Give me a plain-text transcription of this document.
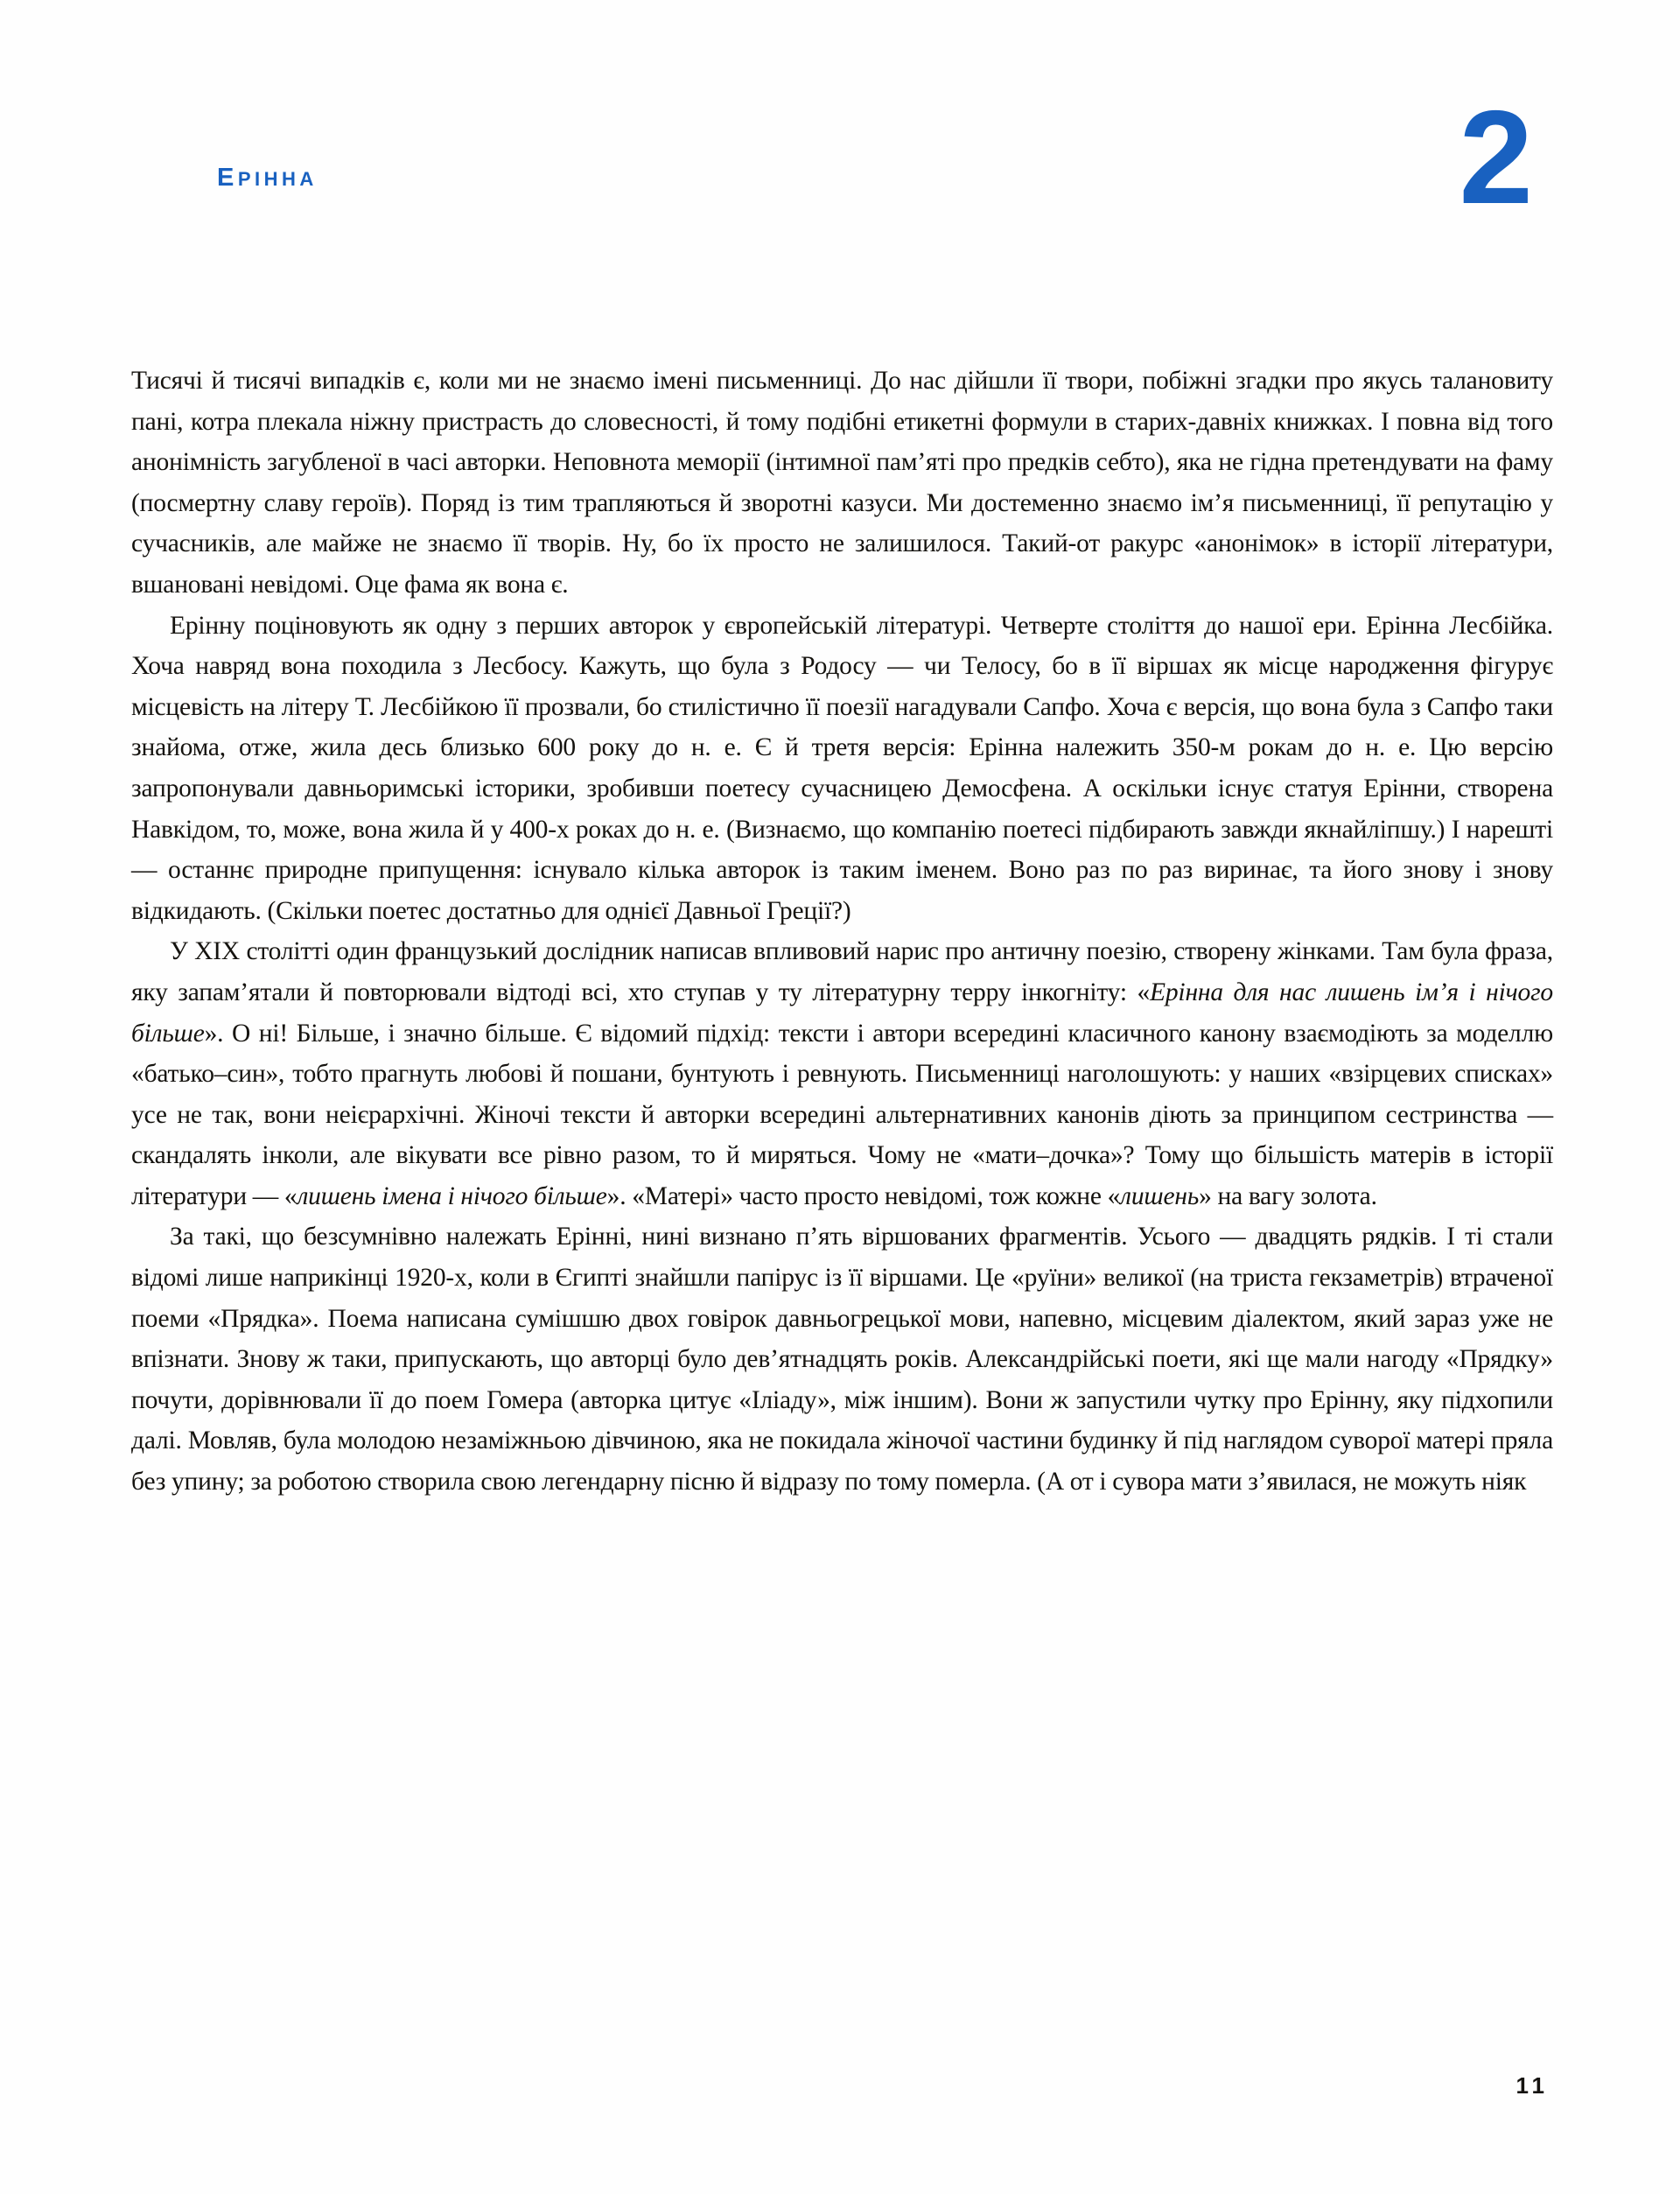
ерінна	2

Тисячі й тисячі випадків є, коли ми не знаємо імені письменниці. До нас дійшли її твори, побіжні згадки про якусь талановиту пані, котра плекала ніжну пристрасть до словесності, й тому подібні етикетні формули в старих-давніх книжках. І повна від того анонімність загубленої в часі авторки. Неповнота меморії (інтимної пам’яті про предків себто), яка не гідна претендувати на фаму (посмертну славу героїв). Поряд із тим трапляються й зворотні казуси. Ми достеменно знаємо ім’я письменниці, її репутацію у сучасників, але майже не знаємо її творів. Ну, бо їх просто не залишилося. Такий-от ракурс «анонімок» в історії літератури, вшановані невідомі. Оце фама як вона є.

Ерінну поціновують як одну з перших авторок у європейській літературі. Четверте століття до нашої ери. Ерінна Лесбійка. Хоча навряд вона походила з Лесбосу. Кажуть, що була з Родосу — чи Телосу, бо в її віршах як місце народження фігурує місцевість на літеру Т. Лесбійкою її прозвали, бо стилістично її поезії нагадували Сапфо. Хоча є версія, що вона була з Сапфо таки знайома, отже, жила десь близько 600 року до н. е. Є й третя версія: Ерінна належить 350-м рокам до н. е. Цю версію запропонували давньоримські історики, зробивши поетесу сучасницею Демосфена. А оскільки існує статуя Ерінни, створена Навкідом, то, може, вона жила й у 400-х роках до н. е. (Визнаємо, що компанію поетесі підбирають завжди якнайліпшу.) І нарешті — останнє природне припущення: існувало кілька авторок із таким іменем. Воно раз по раз виринає, та його знову і знову відкидають. (Скільки поетес достатньо для однієї Давньої Греції?)

У ХІХ столітті один французький дослідник написав впливовий нарис про античну поезію, створену жінками. Там була фраза, яку запам’ятали й повторювали відтоді всі, хто ступав у ту літературну терру інкогніту: «Ерінна для нас лишень ім’я і нічого більше». О ні! Більше, і значно більше. Є відомий підхід: тексти і автори всередині класичного канону взаємодіють за моделлю «батько–син», тобто прагнуть любові й пошани, бунтують і ревнують. Письменниці наголошують: у наших «взірцевих списках» усе не так, вони неієрархічні. Жіночі тексти й авторки всередині альтернативних канонів діють за принципом сестринства — скандалять інколи, але вікувати все рівно разом, то й миряться. Чому не «мати–дочка»? Тому що більшість матерів в історії літератури — «лишень імена і нічого більше». «Матері» часто просто невідомі, тож кожне «лишень» на вагу золота.

За такі, що безсумнівно належать Ерінні, нині визнано п’ять віршованих фрагментів. Усього — двадцять рядків. І ті стали відомі лише наприкінці 1920-х, коли в Єгипті знайшли папірус із її віршами. Це «руїни» великої (на триста гекзаметрів) втраченої поеми «Прядка». Поема написана сумішшю двох говірок давньогрецької мови, напевно, місцевим діалектом, який зараз уже не впізнати. Знову ж таки, припускають, що авторці було дев’ятнадцять років. Александрійські поети, які ще мали нагоду «Прядку» почути, дорівнювали її до поем Гомера (авторка цитує «Іліаду», між іншим). Вони ж запустили чутку про Ерінну, яку підхопили далі. Мовляв, була молодою незаміжньою дівчиною, яка не покидала жіночої частини будинку й під наглядом суворої матері пряла без упину; за роботою створила свою легендарну пісню й відразу по тому померла. (А от і сувора мати з’явилася, не можуть ніяк

11
